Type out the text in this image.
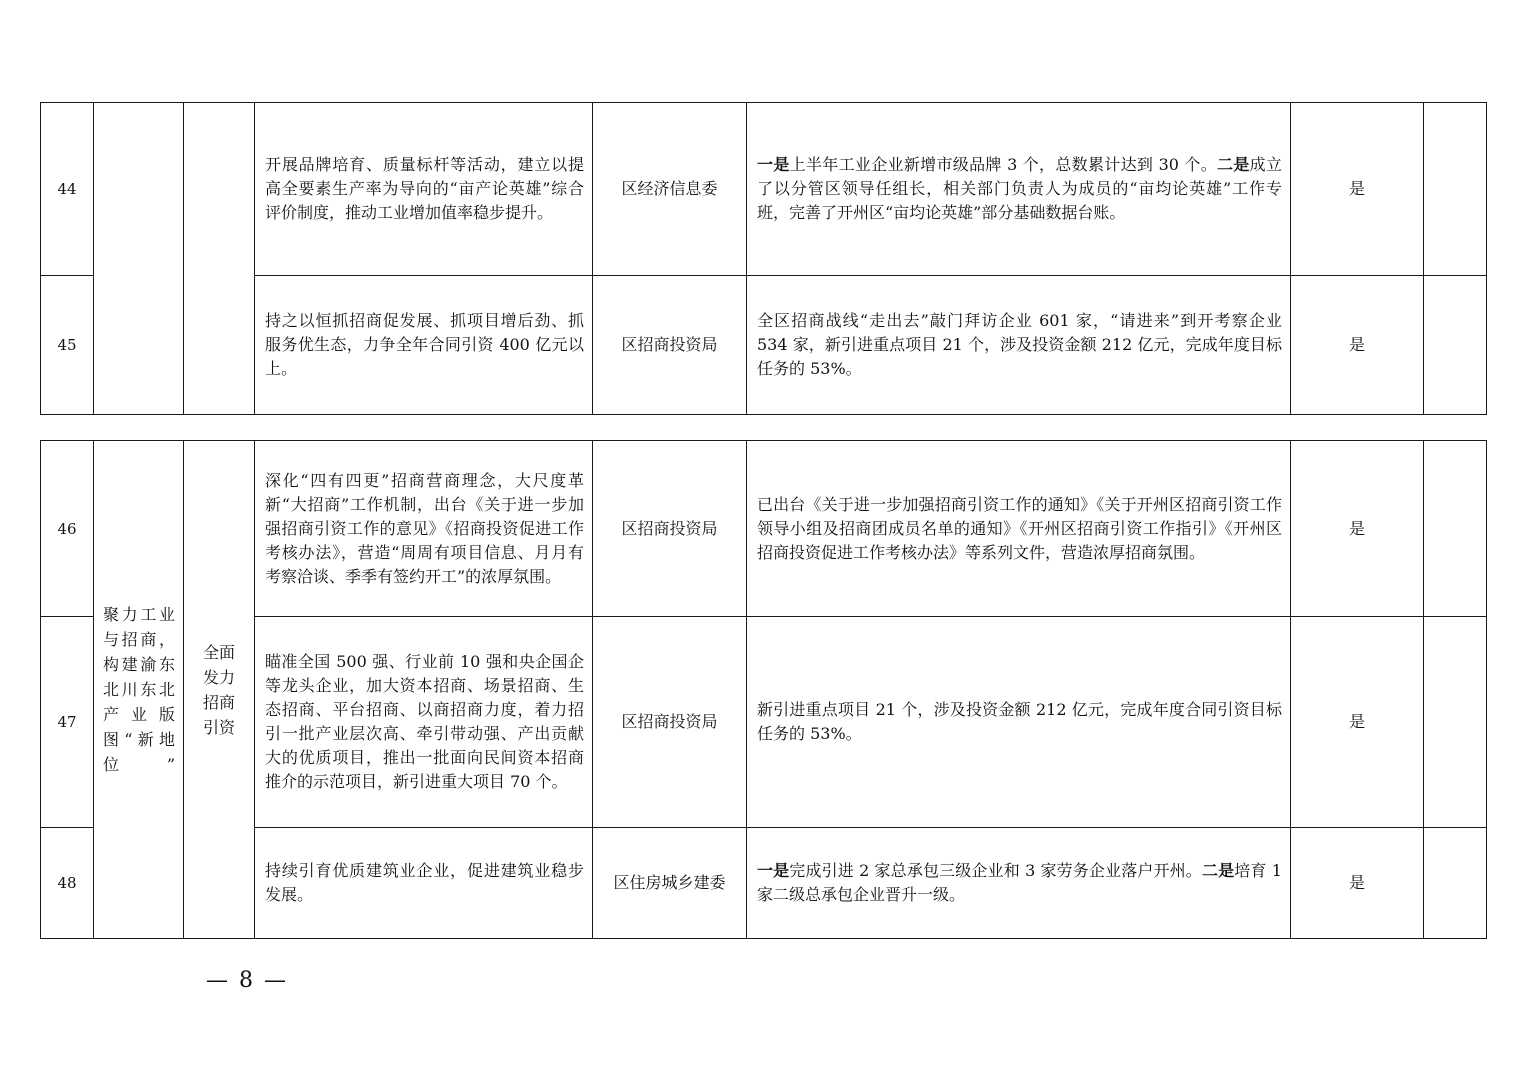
44			开展品牌培育、质量标杆等活动，建立以提高全要素生产率为导向的“亩产论英雄”综合评价制度，推动工业增加值率稳步提升。	区经济信息委	一是上半年工业企业新增市级品牌 3 个，总数累计达到 30 个。二是成立了以分管区领导任组长，相关部门负责人为成员的“亩均论英雄”工作专班，完善了开州区“亩均论英雄”部分基础数据台账。	是	
45			持之以恒抓招商促发展、抓项目增后劲、抓服务优生态，力争全年合同引资 400 亿元以上。	区招商投资局	全区招商战线“走出去”敲门拜访企业 601 家，“请进来”到开考察企业 534 家，新引进重点项目 21 个，涉及投资金额 212 亿元，完成年度目标任务的 53%。	是	
46	聚力工业与招商，构建渝东北川东北产业版图“新地位”	全面发力招商引资	深化“四有四更”招商营商理念，大尺度革新“大招商”工作机制，出台《关于进一步加强招商引资工作的意见》《招商投资促进工作考核办法》，营造“周周有项目信息、月月有考察洽谈、季季有签约开工”的浓厚氛围。	区招商投资局	已出台《关于进一步加强招商引资工作的通知》《关于开州区招商引资工作领导小组及招商团成员名单的通知》《开州区招商引资工作指引》《开州区招商投资促进工作考核办法》等系列文件，营造浓厚招商氛围。	是	
47			瞄准全国 500 强、行业前 10 强和央企国企等龙头企业，加大资本招商、场景招商、生态招商、平台招商、以商招商力度，着力招引一批产业层次高、牵引带动强、产出贡献大的优质项目，推出一批面向民间资本招商推介的示范项目，新引进重大项目 70 个。	区招商投资局	新引进重点项目 21 个，涉及投资金额 212 亿元，完成年度合同引资目标任务的 53%。	是	
48			持续引育优质建筑业企业，促进建筑业稳步发展。	区住房城乡建委	一是完成引进 2 家总承包三级企业和 3 家劳务企业落户开州。二是培育 1 家二级总承包企业晋升一级。	是	
— 8 —
